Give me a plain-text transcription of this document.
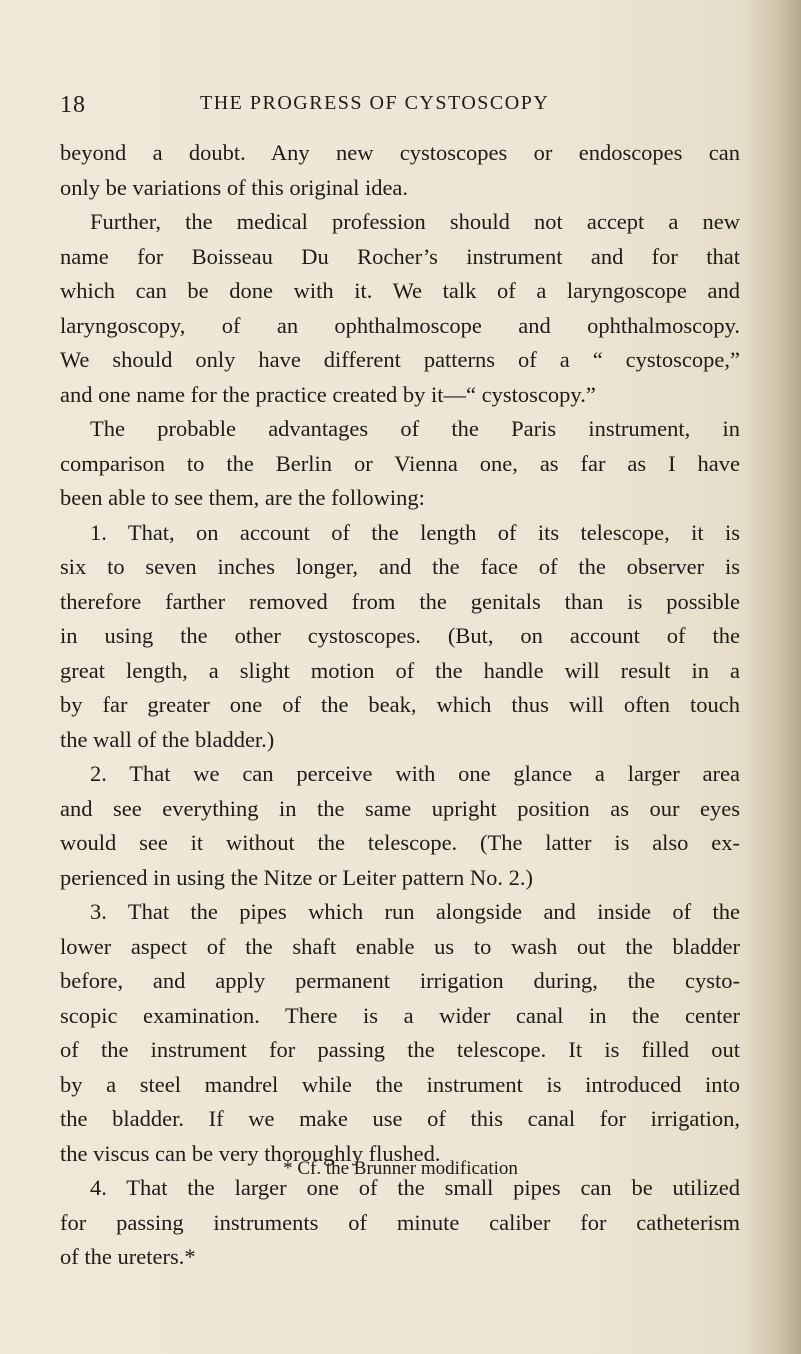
18	THE PROGRESS OF CYSTOSCOPY
beyond a doubt. Any new cystoscopes or endoscopes can
only be variations of this original idea.
Further, the medical profession should not accept a new
name for Boisseau Du Rocher’s instrument and for that
which can be done with it. We talk of a laryngoscope and
laryngoscopy, of an ophthalmoscope and ophthalmoscopy.
We should only have different patterns of a “ cystoscope,”
and one name for the practice created by it—“ cystoscopy.”
The probable advantages of the Paris instrument, in
comparison to the Berlin or Vienna one, as far as I have
been able to see them, are the following:
1. That, on account of the length of its telescope, it is
six to seven inches longer, and the face of the observer is
therefore farther removed from the genitals than is possible
in using the other cystoscopes. (But, on account of the
great length, a slight motion of the handle will result in a
by far greater one of the beak, which thus will often touch
the wall of the bladder.)
2. That we can perceive with one glance a larger area
and see everything in the same upright position as our eyes
would see it without the telescope. (The latter is also ex-
perienced in using the Nitze or Leiter pattern No. 2.)
3. That the pipes which run alongside and inside of the
lower aspect of the shaft enable us to wash out the bladder
before, and apply permanent irrigation during, the cysto-
scopic examination. There is a wider canal in the center
of the instrument for passing the telescope. It is filled out
by a steel mandrel while the instrument is introduced into
the bladder. If we make use of this canal for irrigation,
the viscus can be very thoroughly flushed.
4. That the larger one of the small pipes can be utilized
for passing instruments of minute caliber for catheterism
of the ureters.*
* Cf. the Brunner modification
